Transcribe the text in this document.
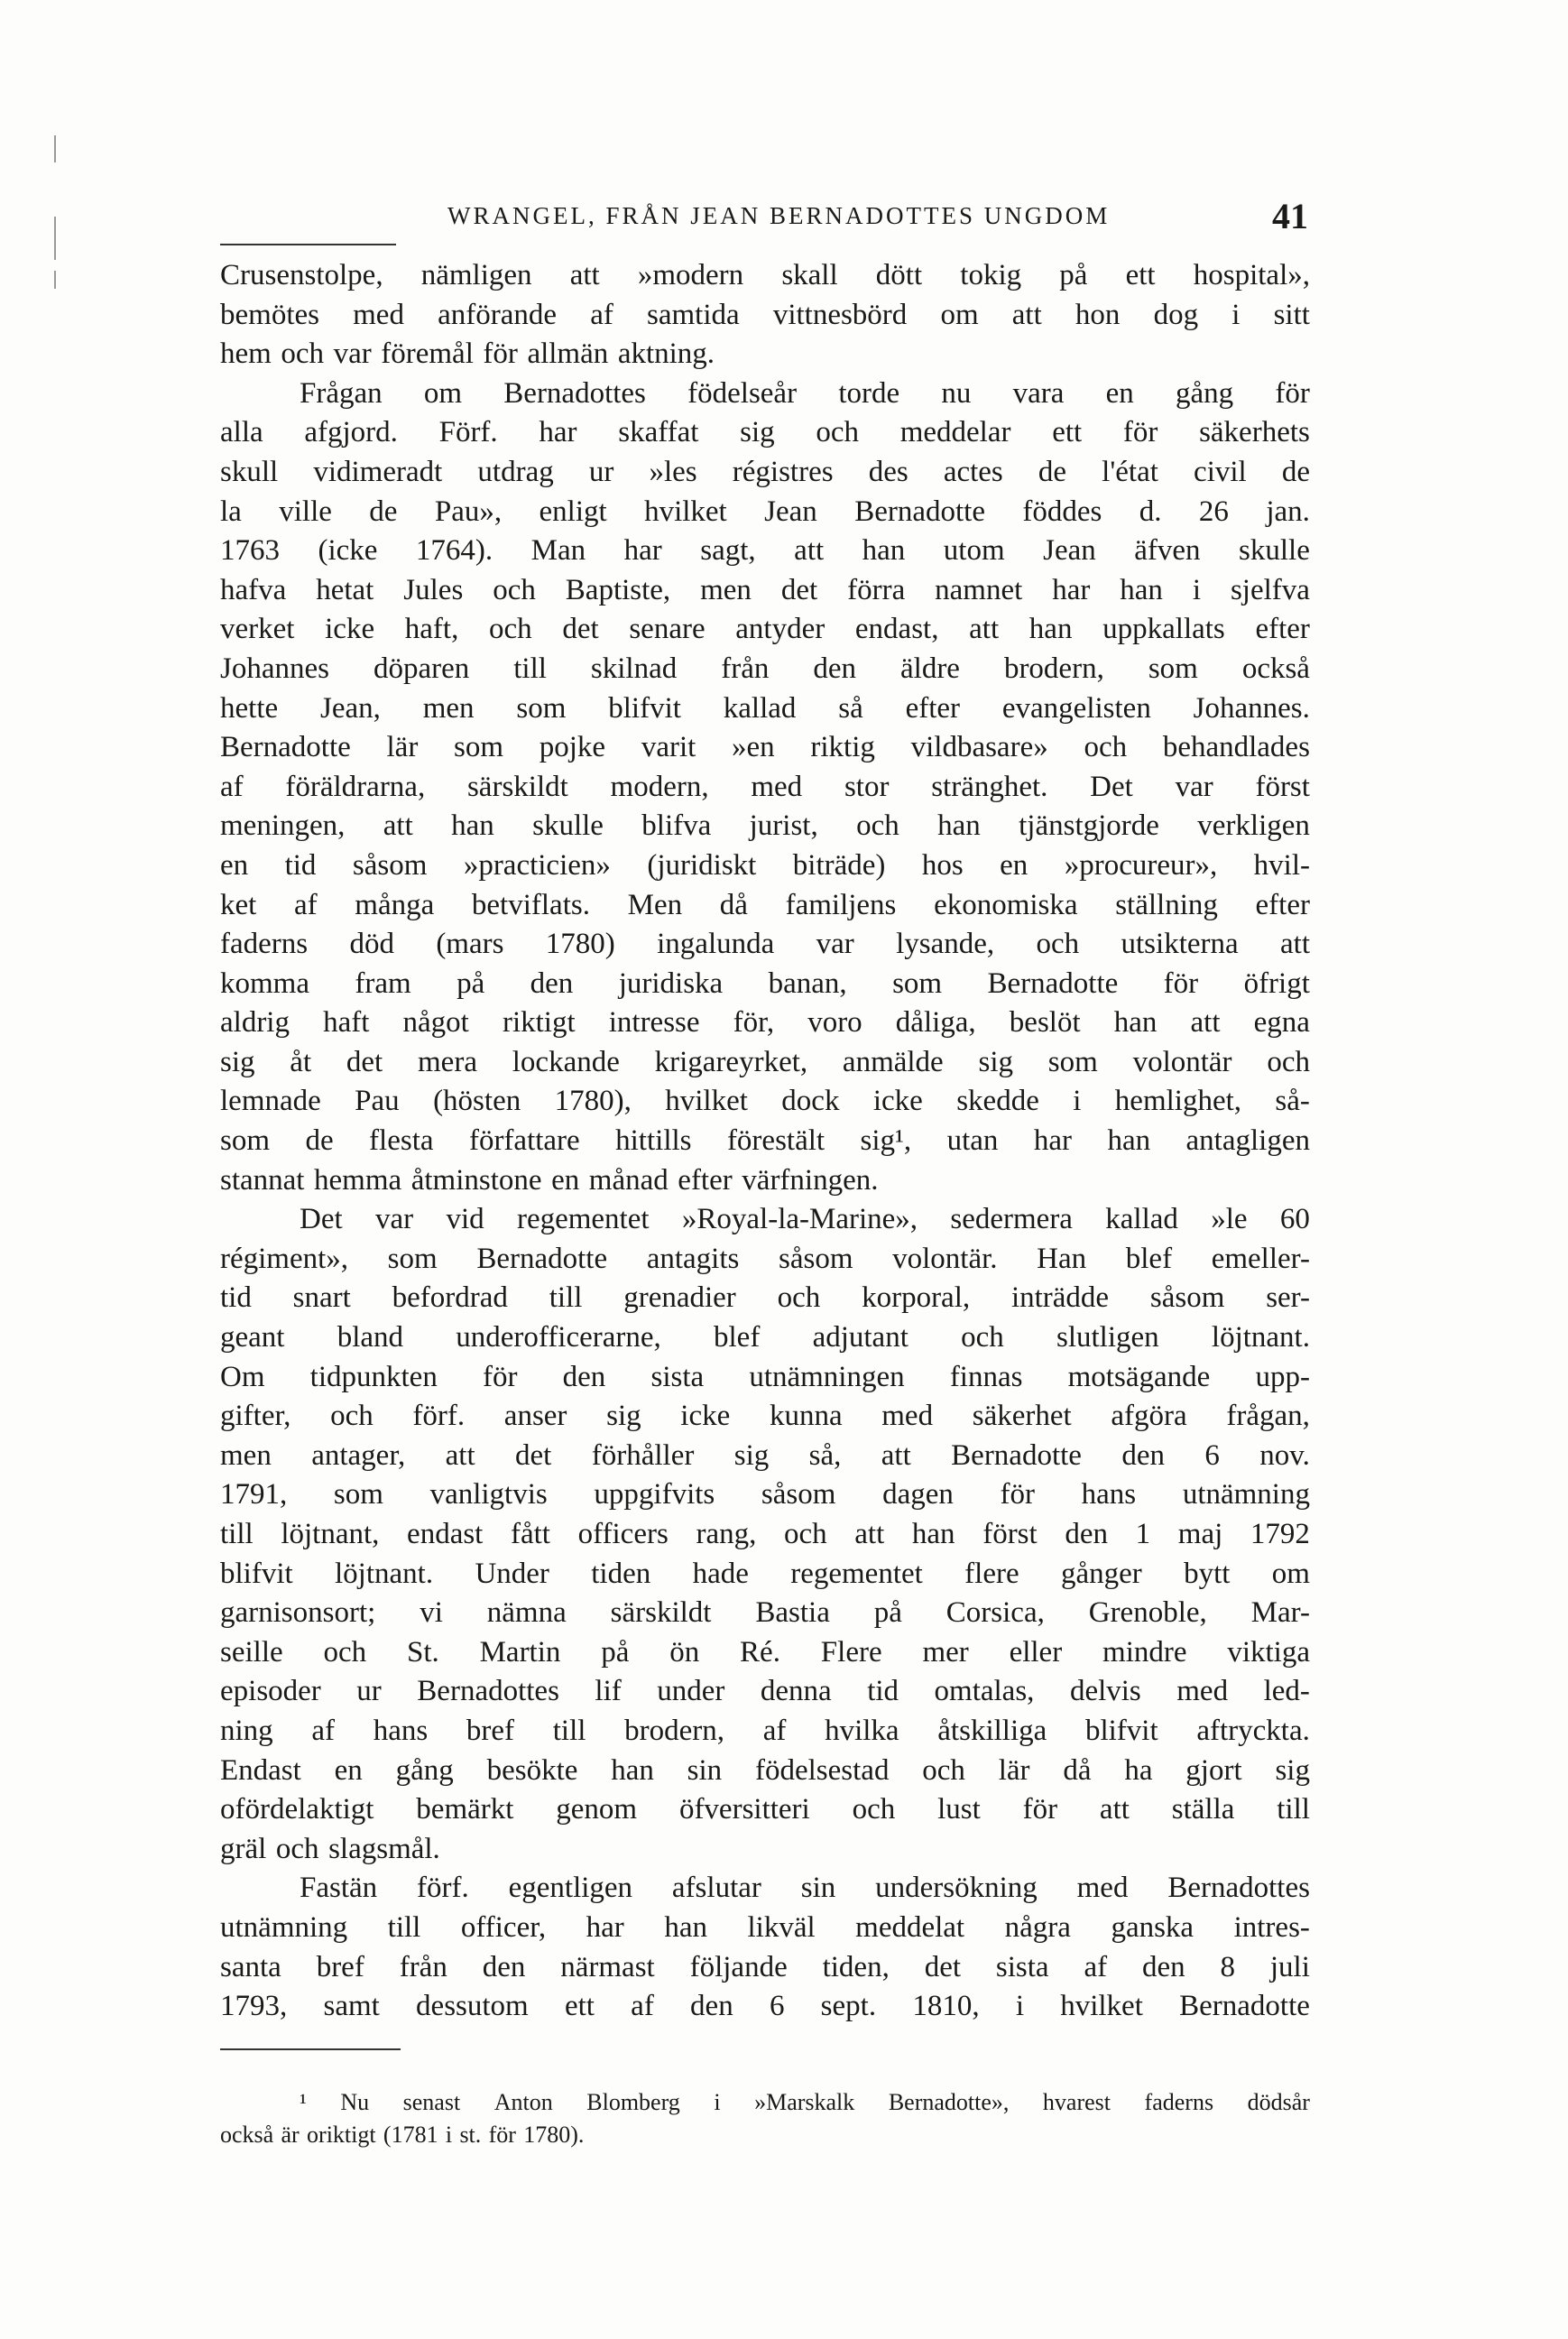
WRANGEL, FRÅN JEAN BERNADOTTES UNGDOM	41
Crusenstolpe, nämligen att »modern skall dött tokig på ett hospital»,
bemötes med anförande af samtida vittnesbörd om att hon dog i sitt
hem och var föremål för allmän aktning.
Frågan om Bernadottes födelseår torde nu vara en gång för
alla afgjord. Förf. har skaffat sig och meddelar ett för säkerhets
skull vidimeradt utdrag ur »les régistres des actes de l'état civil de
la ville de Pau», enligt hvilket Jean Bernadotte föddes d. 26 jan.
1763 (icke 1764). Man har sagt, att han utom Jean äfven skulle
hafva hetat Jules och Baptiste, men det förra namnet har han i sjelfva
verket icke haft, och det senare antyder endast, att han uppkallats efter
Johannes döparen till skilnad från den äldre brodern, som också
hette Jean, men som blifvit kallad så efter evangelisten Johannes.
Bernadotte lär som pojke varit »en riktig vildbasare» och behandlades
af föräldrarna, särskildt modern, med stor stränghet. Det var först
meningen, att han skulle blifva jurist, och han tjänstgjorde verkligen
en tid såsom »practicien» (juridiskt biträde) hos en »procureur», hvil-
ket af många betviflats. Men då familjens ekonomiska ställning efter
faderns död (mars 1780) ingalunda var lysande, och utsikterna att
komma fram på den juridiska banan, som Bernadotte för öfrigt
aldrig haft något riktigt intresse för, voro dåliga, beslöt han att egna
sig åt det mera lockande krigareyrket, anmälde sig som volontär och
lemnade Pau (hösten 1780), hvilket dock icke skedde i hemlighet, så-
som de flesta författare hittills förestält sig¹, utan har han antagligen
stannat hemma åtminstone en månad efter värfningen.
Det var vid regementet »Royal-la-Marine», sedermera kallad »le 60
régiment», som Bernadotte antagits såsom volontär. Han blef emeller-
tid snart befordrad till grenadier och korporal, inträdde såsom ser-
geant bland underofficerarne, blef adjutant och slutligen löjtnant.
Om tidpunkten för den sista utnämningen finnas motsägande upp-
gifter, och förf. anser sig icke kunna med säkerhet afgöra frågan,
men antager, att det förhåller sig så, att Bernadotte den 6 nov.
1791, som vanligtvis uppgifvits såsom dagen för hans utnämning
till löjtnant, endast fått officers rang, och att han först den 1 maj 1792
blifvit löjtnant. Under tiden hade regementet flere gånger bytt om
garnisonsort; vi nämna särskildt Bastia på Corsica, Grenoble, Mar-
seille och St. Martin på ön Ré. Flere mer eller mindre viktiga
episoder ur Bernadottes lif under denna tid omtalas, delvis med led-
ning af hans bref till brodern, af hvilka åtskilliga blifvit aftryckta.
Endast en gång besökte han sin födelsestad och lär då ha gjort sig
ofördelaktigt bemärkt genom öfversitteri och lust för att ställa till
gräl och slagsmål.
Fastän förf. egentligen afslutar sin undersökning med Bernadottes
utnämning till officer, har han likväl meddelat några ganska intres-
santa bref från den närmast följande tiden, det sista af den 8 juli
1793, samt dessutom ett af den 6 sept. 1810, i hvilket Bernadotte
¹ Nu senast Anton Blomberg i »Marskalk Bernadotte», hvarest faderns dödsår
också är oriktigt (1781 i st. för 1780).
